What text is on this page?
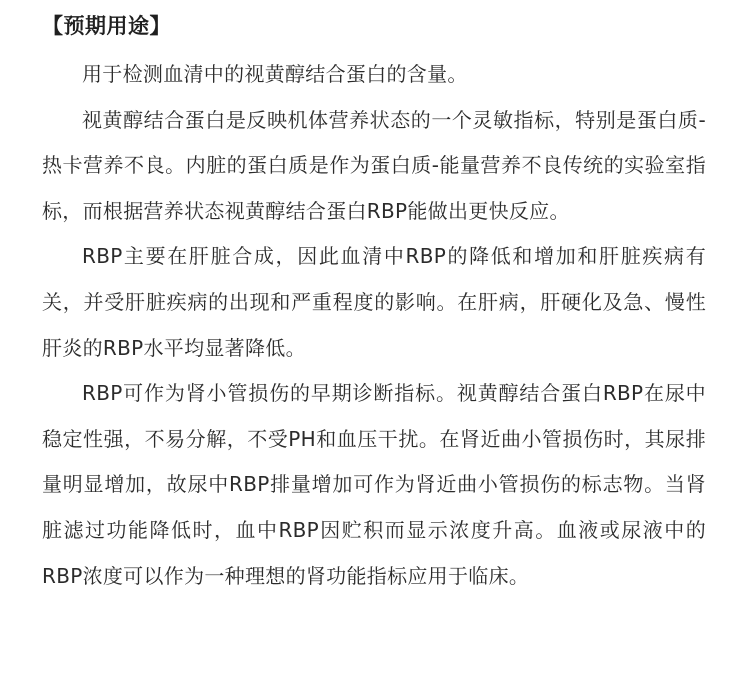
【预期用途】

用于检测血清中的视黄醇结合蛋白的含量。

视黄醇结合蛋白是反映机体营养状态的一个灵敏指标，特别是蛋白质-热卡营养不良。内脏的蛋白质是作为蛋白质-能量营养不良传统的实验室指标，而根据营养状态视黄醇结合蛋白RBP能做出更快反应。

RBP主要在肝脏合成，因此血清中RBP的降低和增加和肝脏疾病有关，并受肝脏疾病的出现和严重程度的影响。在肝病，肝硬化及急、慢性肝炎的RBP水平均显著降低。

RBP可作为肾小管损伤的早期诊断指标。视黄醇结合蛋白RBP在尿中稳定性强，不易分解，不受PH和血压干扰。在肾近曲小管损伤时，其尿排量明显增加，故尿中RBP排量增加可作为肾近曲小管损伤的标志物。当肾脏滤过功能降低时，血中RBP因贮积而显示浓度升高。血液或尿液中的RBP浓度可以作为一种理想的肾功能指标应用于临床。
